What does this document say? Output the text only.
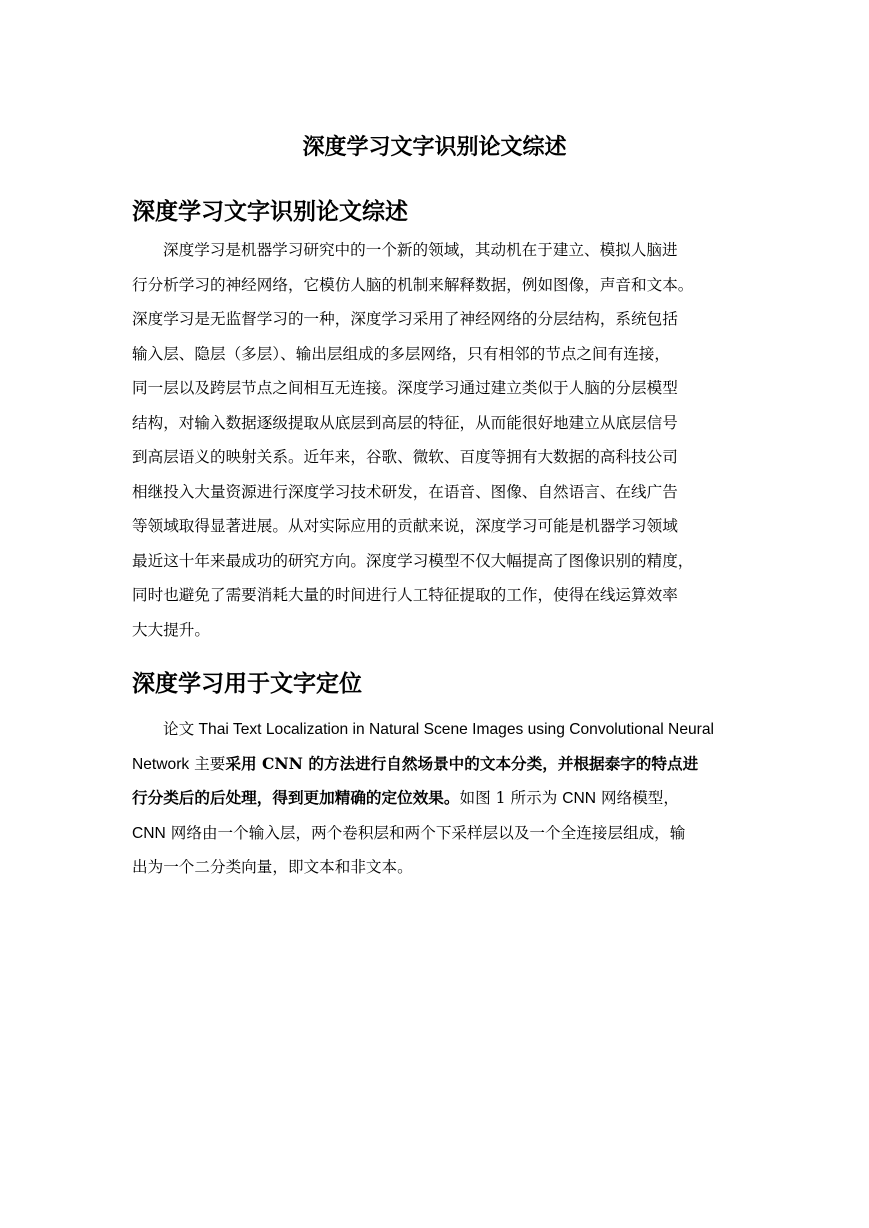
深度学习文字识别论文综述
深度学习文字识别论文综述
深度学习是机器学习研究中的一个新的领域，其动机在于建立、模拟人脑进
行分析学习的神经网络，它模仿人脑的机制来解释数据，例如图像，声音和文本。
深度学习是无监督学习的一种，深度学习采用了神经网络的分层结构，系统包括
输入层、隐层（多层）、输出层组成的多层网络，只有相邻的节点之间有连接，
同一层以及跨层节点之间相互无连接。深度学习通过建立类似于人脑的分层模型
结构，对输入数据逐级提取从底层到高层的特征，从而能很好地建立从底层信号
到高层语义的映射关系。近年来，谷歌、微软、百度等拥有大数据的高科技公司
相继投入大量资源进行深度学习技术研发，在语音、图像、自然语言、在线广告
等领域取得显著进展。从对实际应用的贡献来说，深度学习可能是机器学习领域
最近这十年来最成功的研究方向。深度学习模型不仅大幅提高了图像识别的精度，
同时也避免了需要消耗大量的时间进行人工特征提取的工作，使得在线运算效率
大大提升。
深度学习用于文字定位
论文 Thai Text Localization in Natural Scene Images using Convolutional Neural
Network 主要采用 CNN 的方法进行自然场景中的文本分类，并根据泰字的特点进
行分类后的后处理，得到更加精确的定位效果。如图 1 所示为 CNN 网络模型，
CNN 网络由一个输入层，两个卷积层和两个下采样层以及一个全连接层组成，输
出为一个二分类向量，即文本和非文本。
